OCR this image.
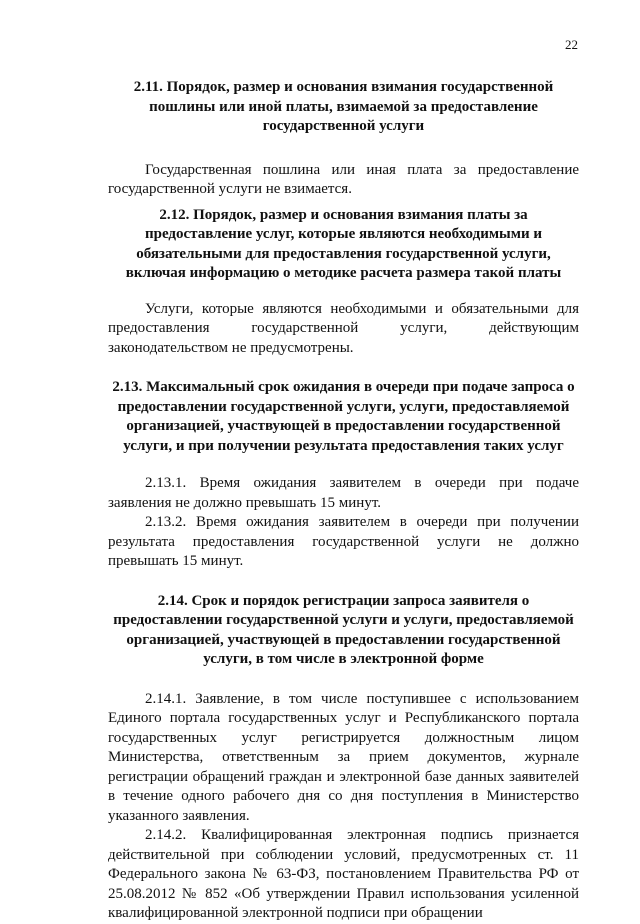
22

2.11. Порядок, размер и основания взимания государственной пошлины или иной платы, взимаемой за предоставление государственной услуги

Государственная пошлина или иная плата за предоставление государственной услуги не взимается.

2.12. Порядок, размер и основания взимания платы за предоставление услуг, которые являются необходимыми и обязательными для предоставления государственной услуги, включая информацию о методике расчета размера такой платы

Услуги, которые являются необходимыми и обязательными для предоставления государственной услуги, действующим законодательством не предусмотрены.

2.13. Максимальный срок ожидания в очереди при подаче запроса о предоставлении государственной услуги, услуги, предоставляемой организацией, участвующей в предоставлении государственной услуги, и при получении результата предоставления таких услуг

2.13.1. Время ожидания заявителем в очереди при подаче заявления не должно превышать 15 минут.

2.13.2. Время ожидания заявителем в очереди при получении результата предоставления государственной услуги не должно превышать 15 минут.

2.14. Срок и порядок регистрации запроса заявителя о предоставлении государственной услуги и услуги, предоставляемой организацией, участвующей в предоставлении государственной услуги, в том числе в электронной форме

2.14.1. Заявление, в том числе поступившее с использованием Единого портала государственных услуг и Республиканского портала государственных услуг регистрируется должностным лицом Министерства, ответственным за прием документов, журнале регистрации обращений граждан и электронной базе данных заявителей в течение одного рабочего дня со дня поступления в Министерство указанного заявления.

2.14.2. Квалифицированная электронная подпись признается действительной при соблюдении условий, предусмотренных ст. 11 Федерального закона № 63-ФЗ, постановлением Правительства РФ от 25.08.2012 № 852 «Об утверждении Правил использования усиленной квалифицированной электронной подписи при обращении
